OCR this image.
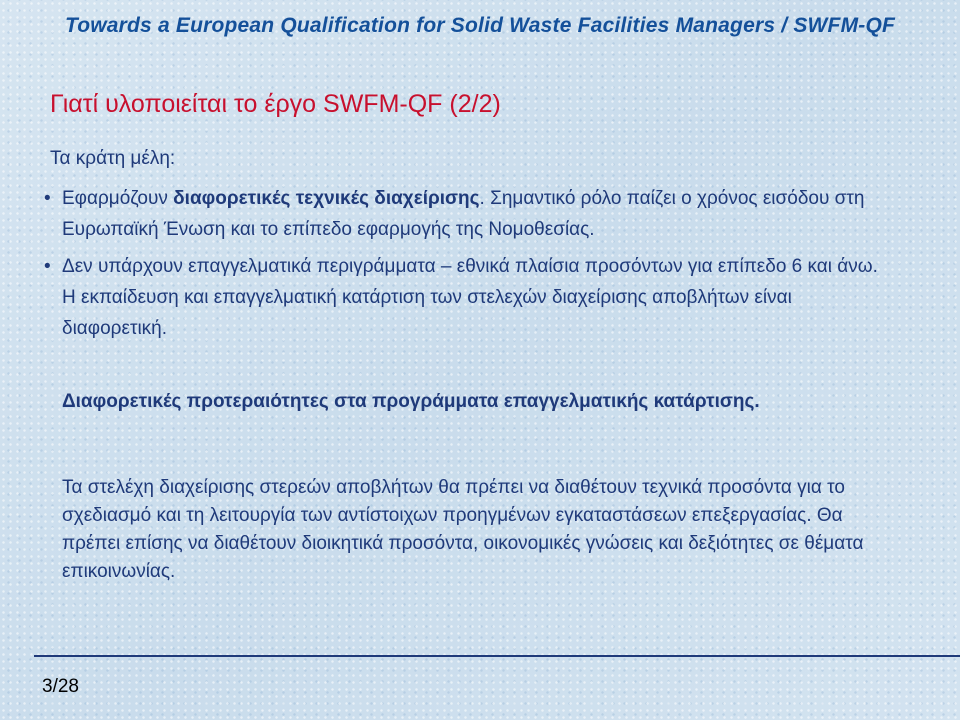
Towards a European Qualification for Solid Waste Facilities Managers / SWFM-QF
Γιατί υλοποιείται το έργο SWFM-QF (2/2)
Τα κράτη μέλη:
• Εφαρμόζουν διαφορετικές τεχνικές διαχείρισης. Σημαντικό ρόλο παίζει ο χρόνος εισόδου στη Ευρωπαϊκή Ένωση και το επίπεδο εφαρμογής της Νομοθεσίας.
• Δεν υπάρχουν επαγγελματικά περιγράμματα – εθνικά πλαίσια προσόντων για επίπεδο 6 και άνω. Η εκπαίδευση και επαγγελματική κατάρτιση των στελεχών διαχείρισης αποβλήτων είναι διαφορετική.
Διαφορετικές προτεραιότητες στα προγράμματα επαγγελματικής κατάρτισης.
Τα στελέχη διαχείρισης στερεών αποβλήτων θα πρέπει να διαθέτουν τεχνικά προσόντα για το σχεδιασμό και τη λειτουργία των αντίστοιχων προηγμένων εγκαταστάσεων επεξεργασίας. Θα πρέπει επίσης να διαθέτουν διοικητικά προσόντα, οικονομικές γνώσεις και δεξιότητες σε θέματα επικοινωνίας.
3/28
